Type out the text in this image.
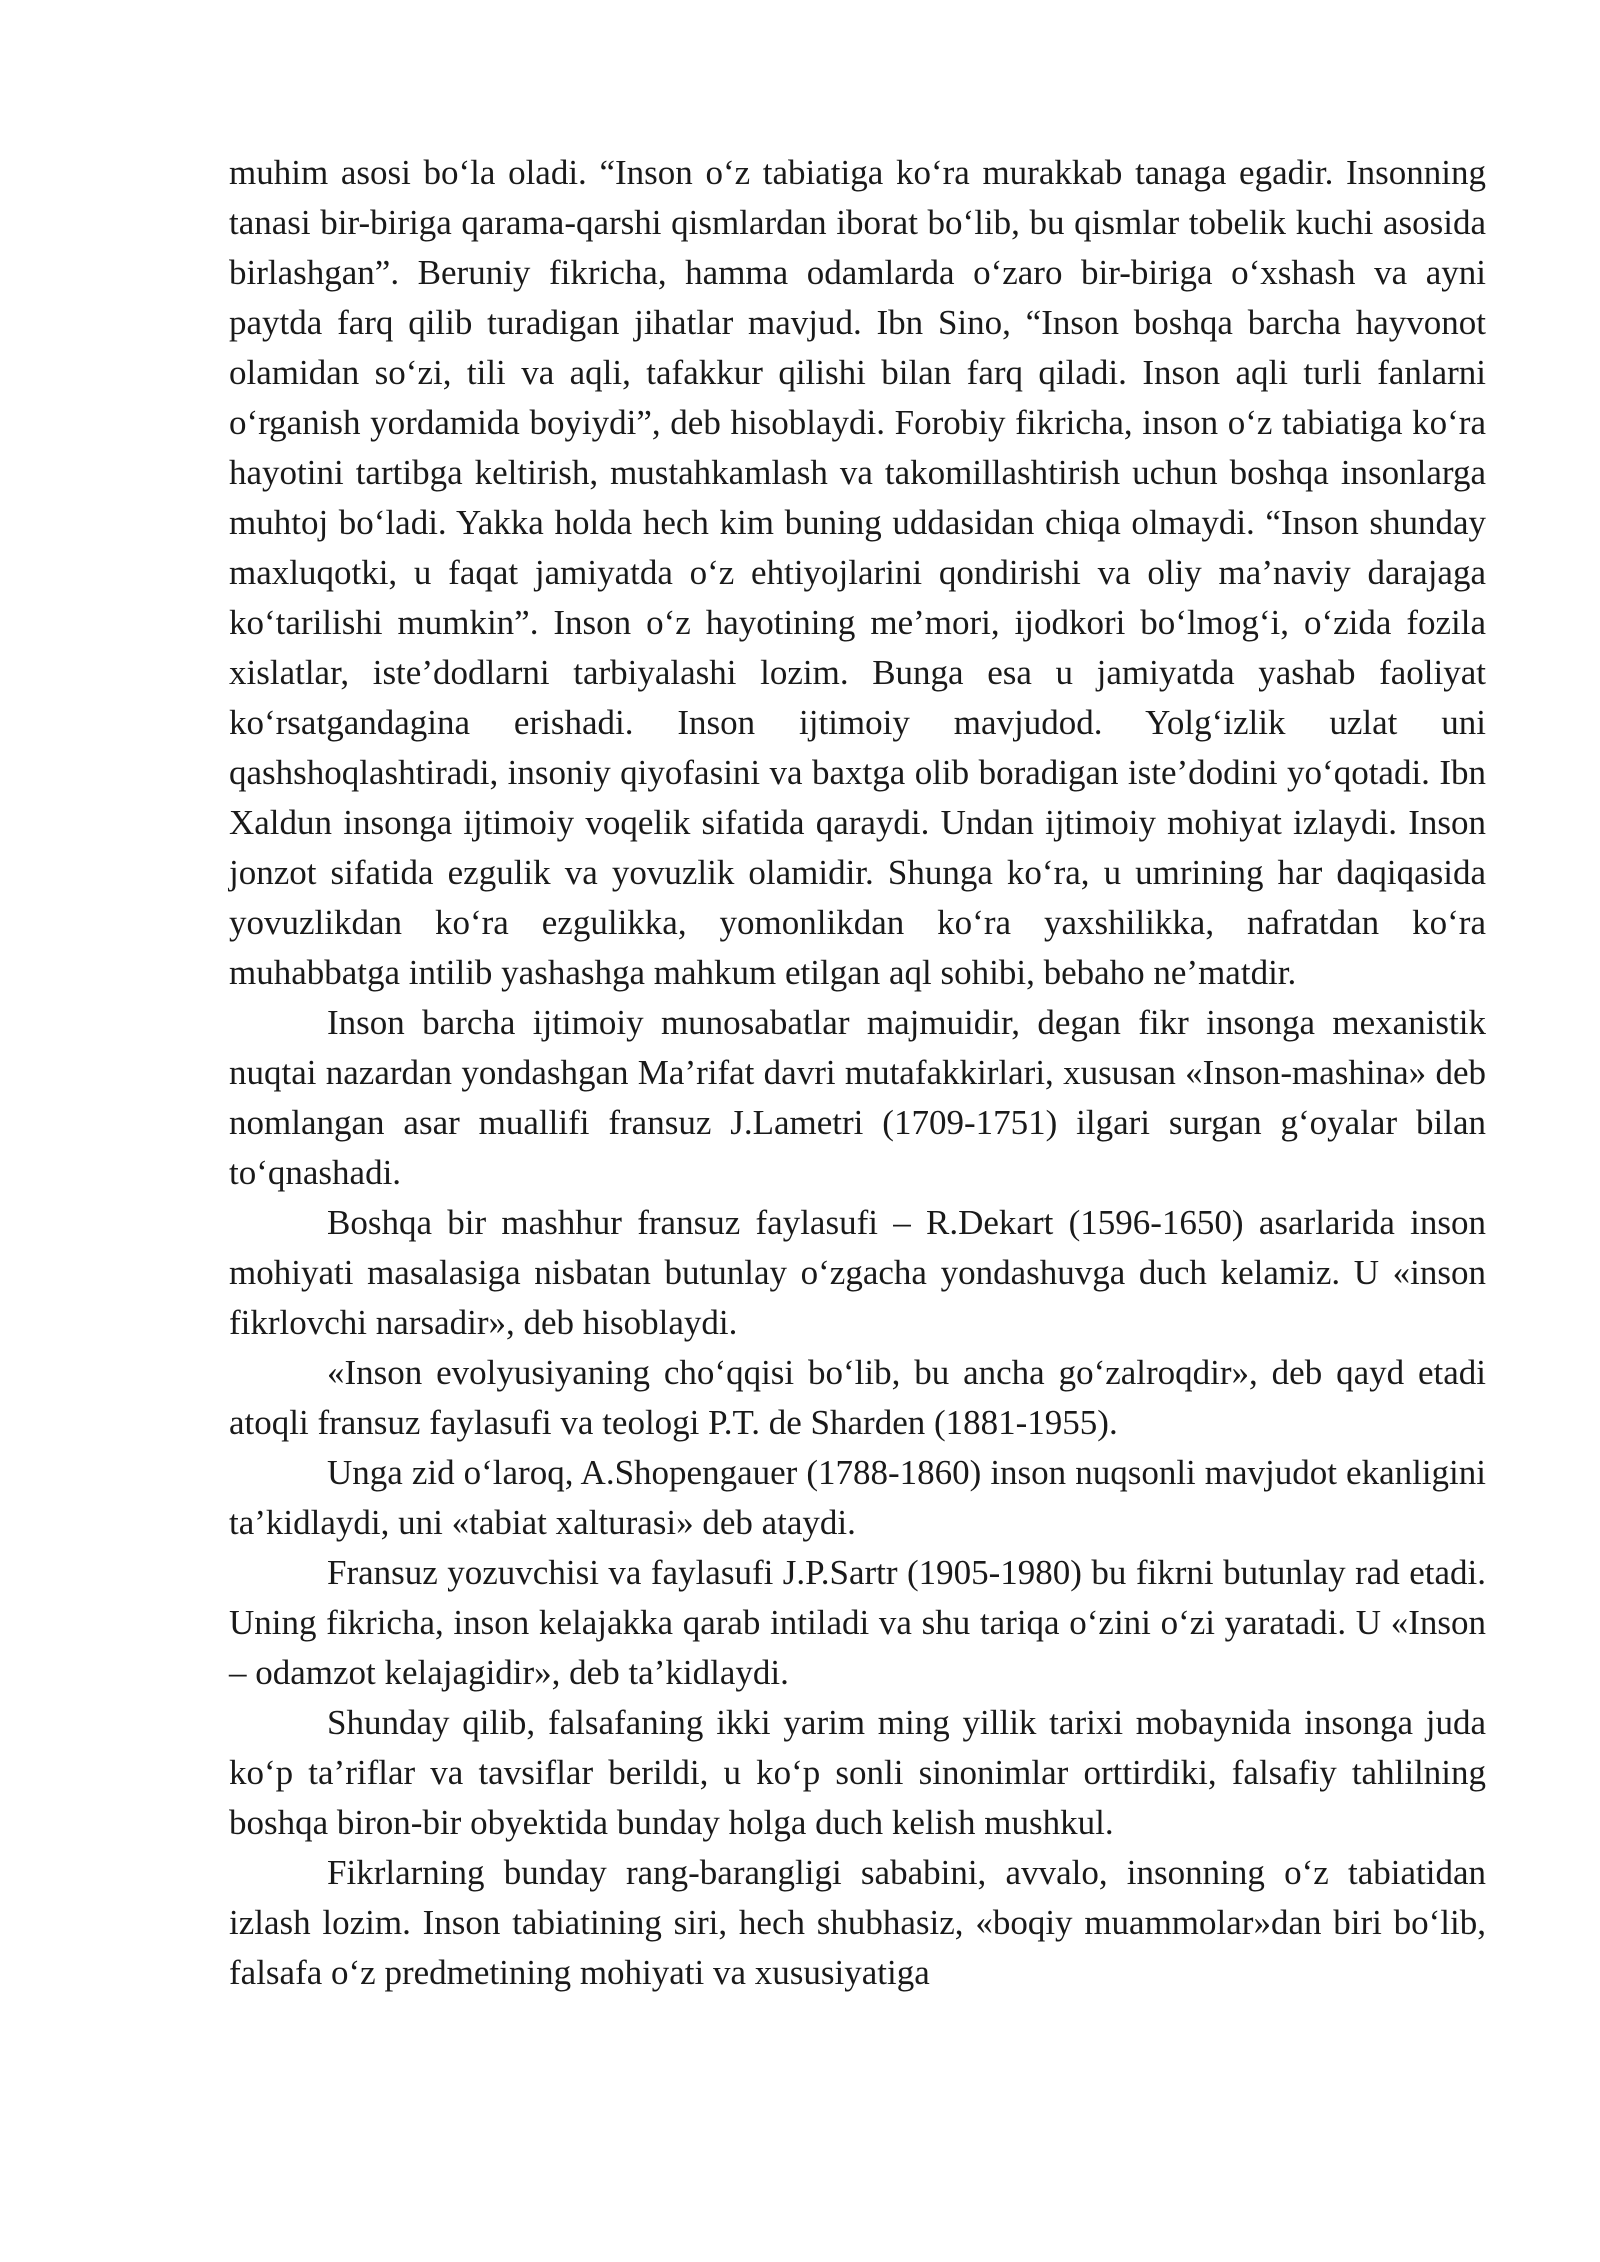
muhim asosi bo‘la oladi. “Inson o‘z tabiatiga ko‘ra murakkab tanaga egadir. Insonning tanasi bir-biriga qarama-qarshi qismlardan iborat bo‘lib, bu qismlar tobelik kuchi asosida birlashgan”. Beruniy fikricha, hamma odamlarda o‘zaro bir-biriga o‘xshash va ayni paytda farq qilib turadigan jihatlar mavjud. Ibn Sino, “Inson boshqa barcha hayvonot olamidan so‘zi, tili va aqli, tafakkur qilishi bilan farq qiladi. Inson aqli turli fanlarni o‘rganish yordamida boyiydi”, deb hisoblaydi. Forobiy fikricha, inson o‘z tabiatiga ko‘ra hayotini tartibga keltirish, mustahkamlash va takomillashtirish uchun boshqa insonlarga muhtoj bo‘ladi. Yakka holda hech kim buning uddasidan chiqa olmaydi. “Inson shunday maxluqotki, u faqat jamiyatda o‘z ehtiyojlarini qondirishi va oliy ma’naviy darajaga ko‘tarilishi mumkin”. Inson o‘z hayotining me’mori, ijodkori bo‘lmog‘i, o‘zida fozila xislatlar, iste’dodlarni tarbiyalashi lozim. Bunga esa u jamiyatda yashab faoliyat ko‘rsatgandagina erishadi. Inson ijtimoiy mavjudod. Yolg‘izlik uzlat uni qashshoqlashtiradi, insoniy qiyofasini va baxtga olib boradigan iste’dodini yo‘qotadi. Ibn Xaldun insonga ijtimoiy voqelik sifatida qaraydi. Undan ijtimoiy mohiyat izlaydi. Inson jonzot sifatida ezgulik va yovuzlik olamidir. Shunga ko‘ra, u umrining har daqiqasida yovuzlikdan ko‘ra ezgulikka, yomonlikdan ko‘ra yaxshilikka, nafratdan ko‘ra muhabbatga intilib yashashga mahkum etilgan aql sohibi, bebaho ne’matdir.

Inson barcha ijtimoiy munosabatlar majmuidir, degan fikr insonga mexanistik nuqtai nazardan yondashgan Ma’rifat davri mutafakkirlari, xususan «Inson-mashina» deb nomlangan asar muallifi fransuz J.Lametri (1709-1751) ilgari surgan g‘oyalar bilan to‘qnashadi.

Boshqa bir mashhur fransuz faylasufi – R.Dekart (1596-1650) asarlarida inson mohiyati masalasiga nisbatan butunlay o‘zgacha yondashuvga duch kelamiz. U «inson fikrlovchi narsadir», deb hisoblaydi.

«Inson evolyusiyaning cho‘qqisi bo‘lib, bu ancha go‘zalroqdir», deb qayd etadi atoqli fransuz faylasufi va teologi P.T. de Sharden (1881-1955).

Unga zid o‘laroq, A.Shopengauer (1788-1860) inson nuqsonli mavjudot ekanligini ta’kidlaydi, uni «tabiat xalturasi» deb ataydi.

Fransuz yozuvchisi va faylasufi J.P.Sartr (1905-1980) bu fikrni butunlay rad etadi. Uning fikricha, inson kelajakka qarab intiladi va shu tariqa o‘zini o‘zi yaratadi. U «Inson – odamzot kelajagidir», deb ta’kidlaydi.

Shunday qilib, falsafaning ikki yarim ming yillik tarixi mobaynida insonga juda ko‘p ta’riflar va tavsiflar berildi, u ko‘p sonli sinonimlar orttirdiki, falsafiy tahlilning boshqa biron-bir obyektida bunday holga duch kelish mushkul.

Fikrlarning bunday rang-barangligi sababini, avvalo, insonning o‘z tabiatidan izlash lozim. Inson tabiatining siri, hech shubhasiz, «boqiy muammolar»dan biri bo‘lib, falsafa o‘z predmetining mohiyati va xususiyatiga
